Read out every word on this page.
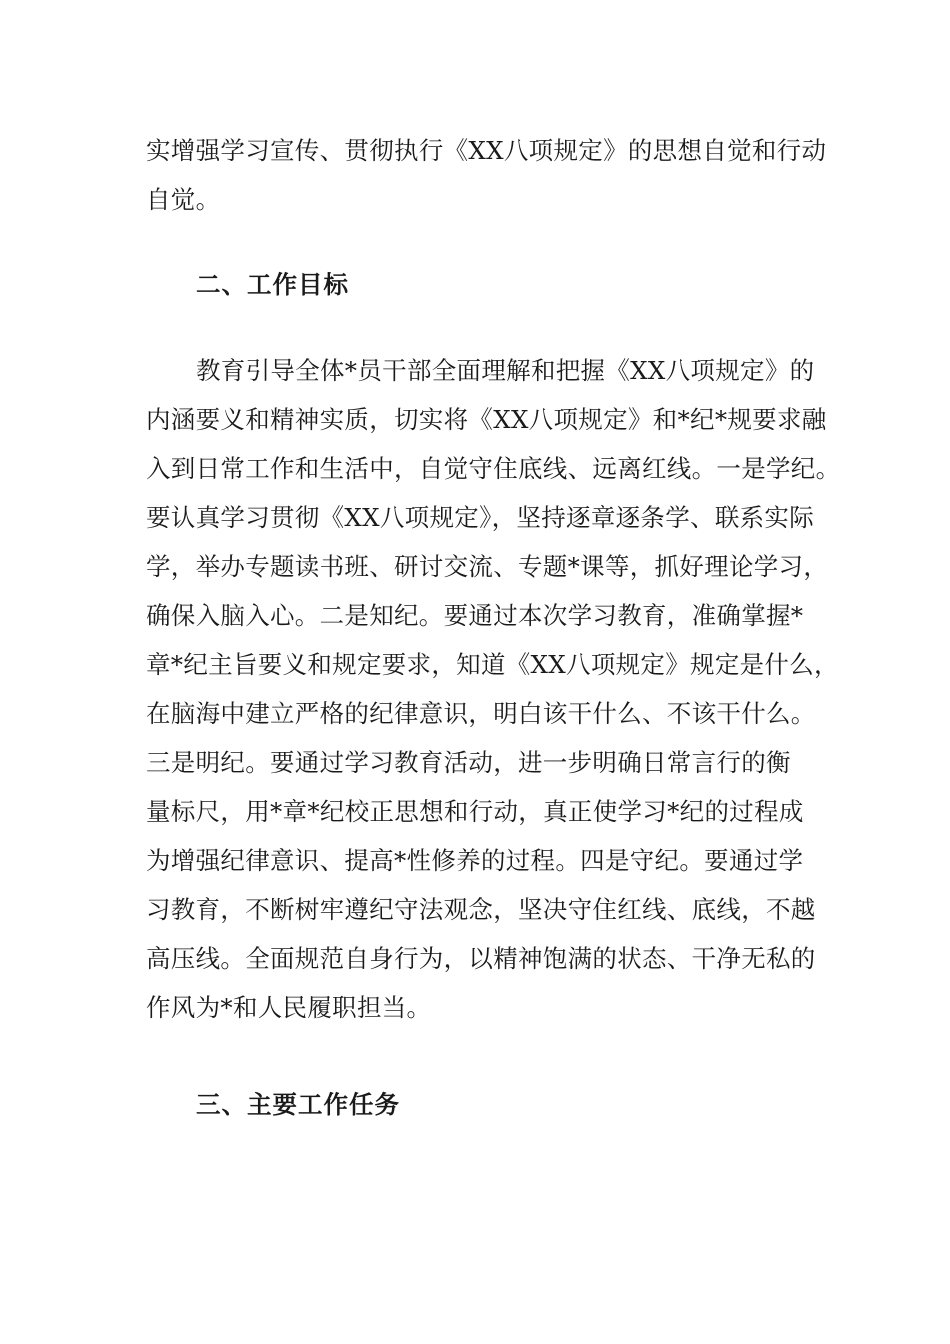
实增强学习宣传、贯彻执行《XX八项规定》的思想自觉和行动
自觉。
二、工作目标
教育引导全体*员干部全面理解和把握《XX八项规定》的
内涵要义和精神实质，切实将《XX八项规定》和*纪*规要求融
入到日常工作和生活中，自觉守住底线、远离红线。一是学纪。
要认真学习贯彻《XX八项规定》，坚持逐章逐条学、联系实际
学，举办专题读书班、研讨交流、专题*课等，抓好理论学习，
确保入脑入心。二是知纪。要通过本次学习教育，准确掌握*
章*纪主旨要义和规定要求，知道《XX八项规定》规定是什么，
在脑海中建立严格的纪律意识，明白该干什么、不该干什么。
三是明纪。要通过学习教育活动，进一步明确日常言行的衡
量标尺，用*章*纪校正思想和行动，真正使学习*纪的过程成
为增强纪律意识、提高*性修养的过程。四是守纪。要通过学
习教育，不断树牢遵纪守法观念，坚决守住红线、底线，不越
高压线。全面规范自身行为，以精神饱满的状态、干净无私的
作风为*和人民履职担当。
三、主要工作任务
